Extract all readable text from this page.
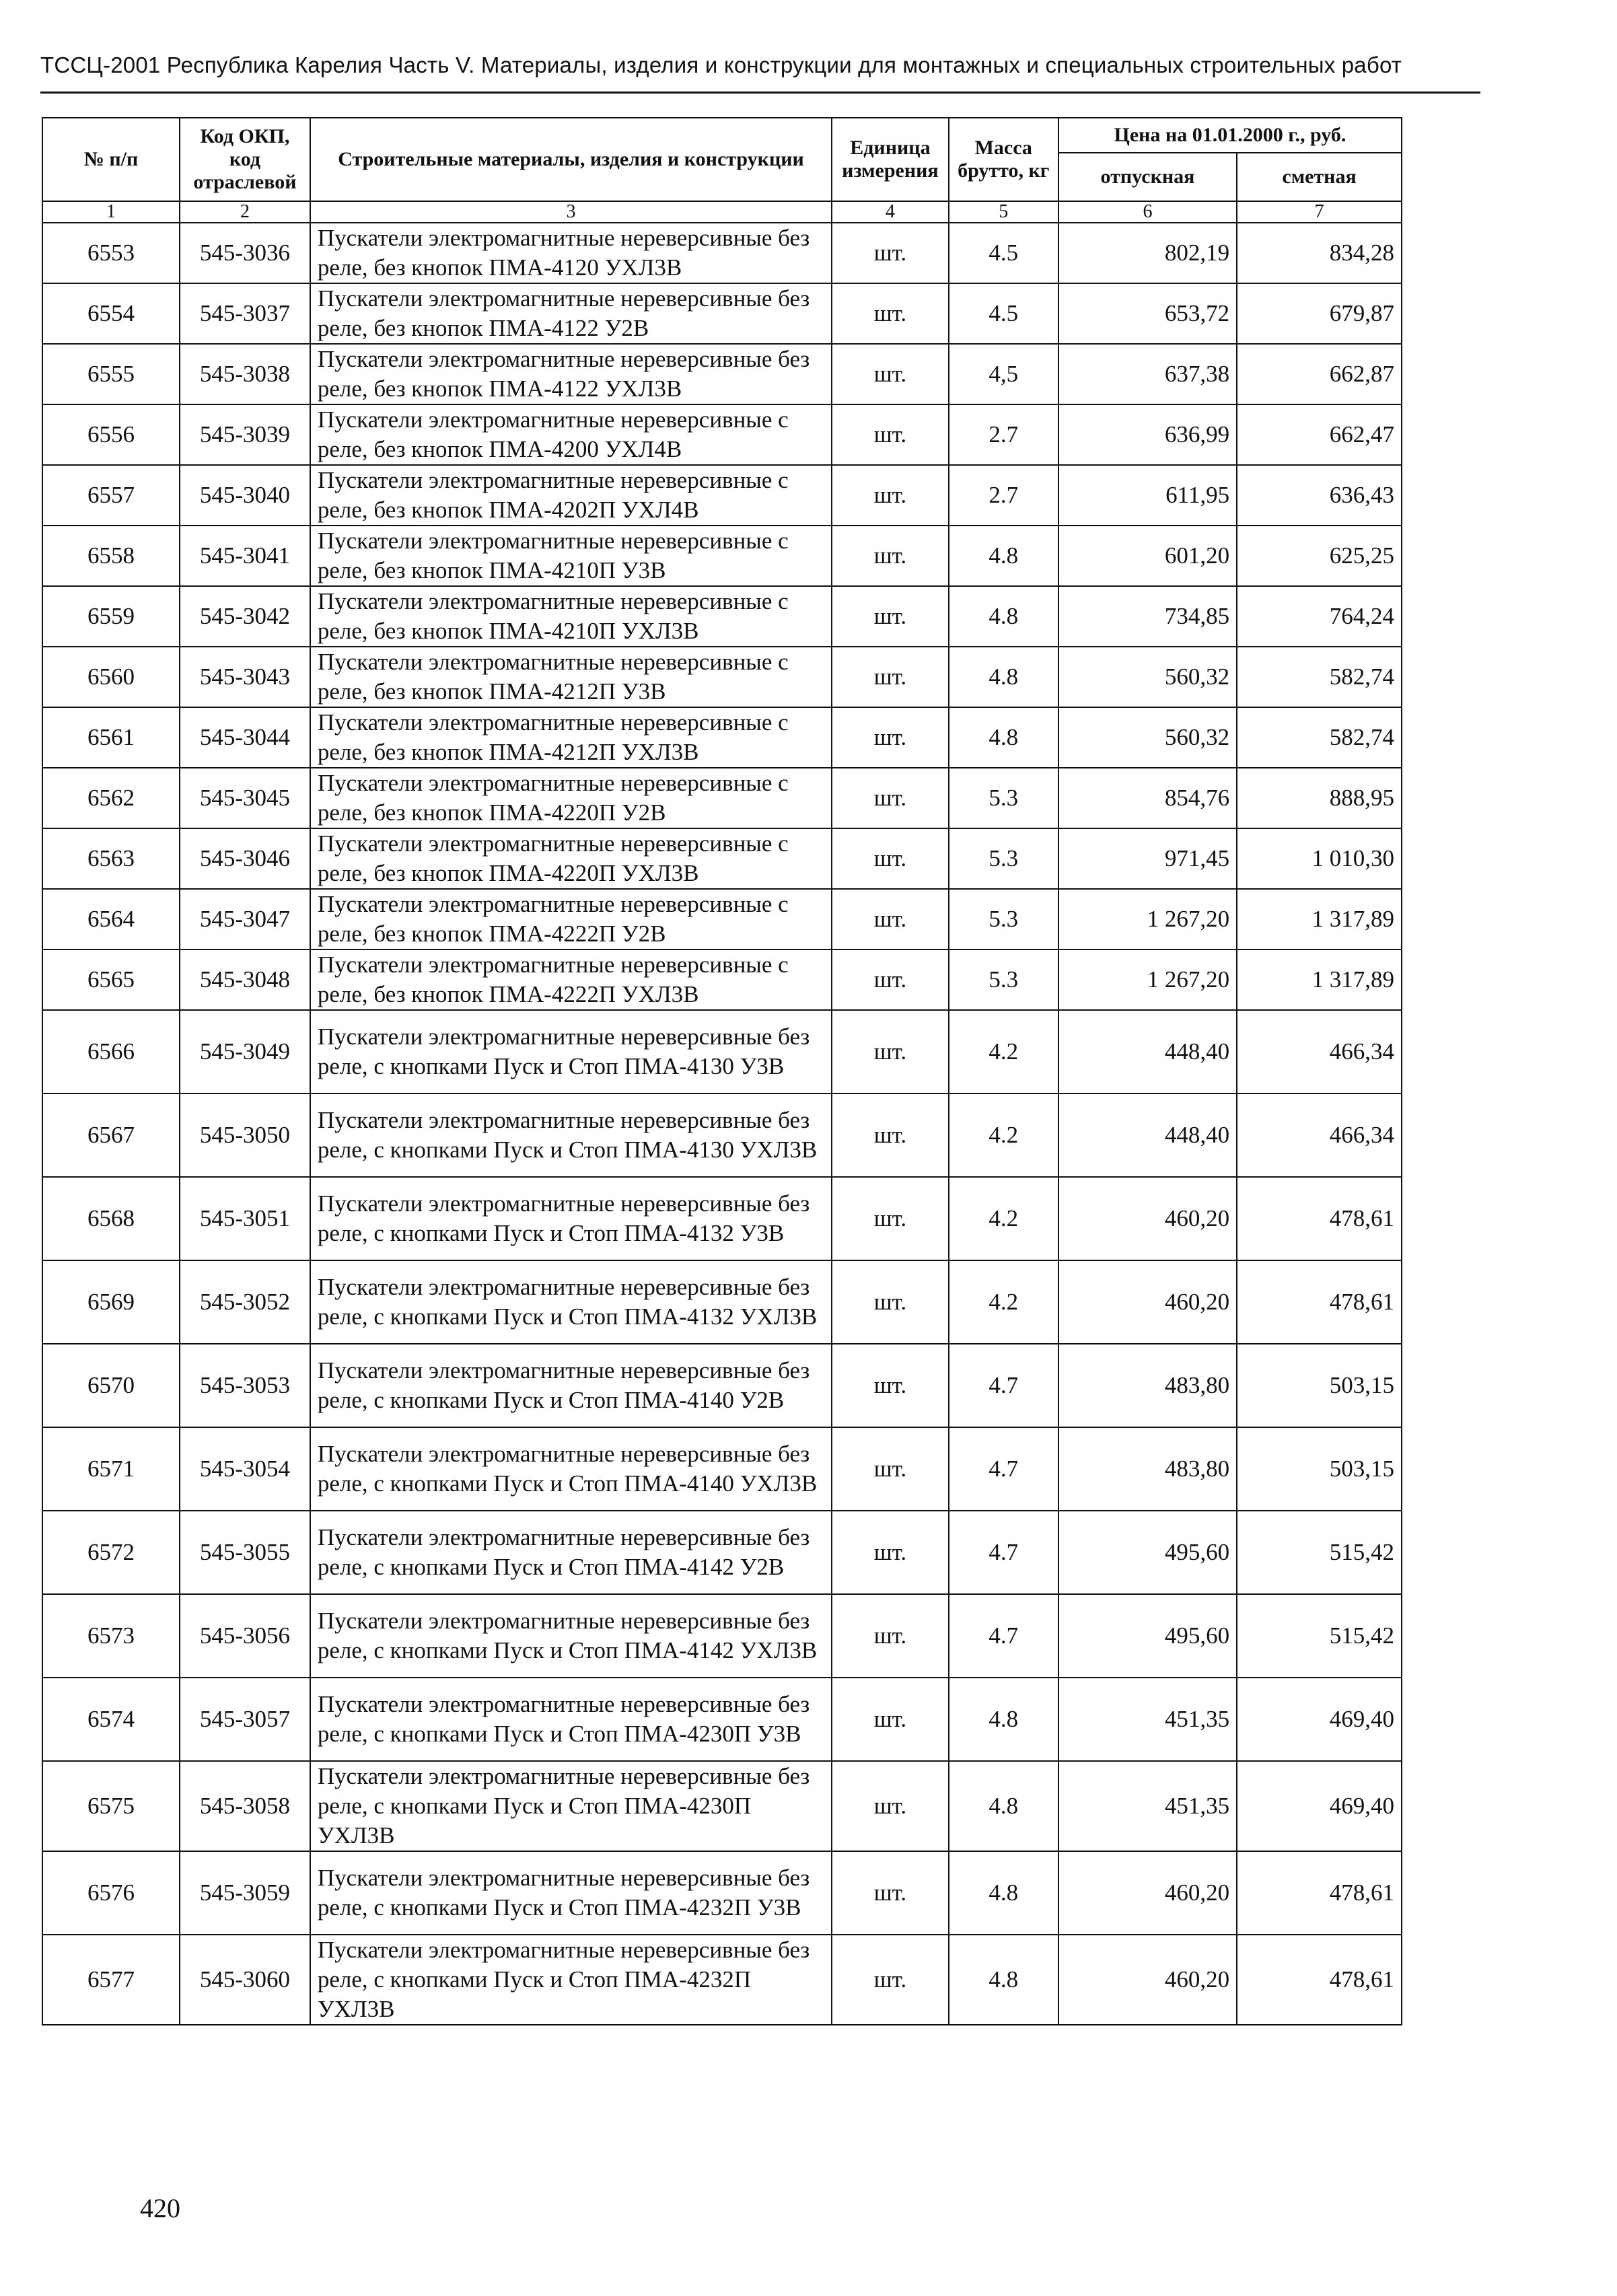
ТССЦ-2001 Республика Карелия Часть V. Материалы, изделия и конструкции для монтажных и специальных строительных работ
№ п/п	Код ОКП, код отраслевой	Строительные материалы, изделия и конструкции	Единица измерения	Масса брутто, кг	Цена на 01.01.2000 г., руб.	
					отпускная	сметная
1	2	3	4	5	6	7
6553	545-3036	Пускатели электромагнитные нереверсивные без реле, без кнопок ПМА-4120 УХЛ3В	шт.	4.5	802,19	834,28
6554	545-3037	Пускатели электромагнитные нереверсивные без реле, без кнопок ПМА-4122 У2В	шт.	4.5	653,72	679,87
6555	545-3038	Пускатели электромагнитные нереверсивные без реле, без кнопок ПМА-4122 УХЛ3В	шт.	4,5	637,38	662,87
6556	545-3039	Пускатели электромагнитные нереверсивные с реле, без кнопок ПМА-4200 УХЛ4В	шт.	2.7	636,99	662,47
6557	545-3040	Пускатели электромагнитные нереверсивные с реле, без кнопок ПМА-4202П УХЛ4В	шт.	2.7	611,95	636,43
6558	545-3041	Пускатели электромагнитные нереверсивные с реле, без кнопок ПМА-4210П У3В	шт.	4.8	601,20	625,25
6559	545-3042	Пускатели электромагнитные нереверсивные с реле, без кнопок ПМА-4210П УХЛ3В	шт.	4.8	734,85	764,24
6560	545-3043	Пускатели электромагнитные нереверсивные с реле, без кнопок ПМА-4212П У3В	шт.	4.8	560,32	582,74
6561	545-3044	Пускатели электромагнитные нереверсивные с реле, без кнопок ПМА-4212П УХЛ3В	шт.	4.8	560,32	582,74
6562	545-3045	Пускатели электромагнитные нереверсивные с реле, без кнопок ПМА-4220П У2В	шт.	5.3	854,76	888,95
6563	545-3046	Пускатели электромагнитные нереверсивные с реле, без кнопок ПМА-4220П УХЛ3В	шт.	5.3	971,45	1 010,30
6564	545-3047	Пускатели электромагнитные нереверсивные с реле, без кнопок ПМА-4222П У2В	шт.	5.3	1 267,20	1 317,89
6565	545-3048	Пускатели электромагнитные нереверсивные с реле, без кнопок ПМА-4222П УХЛ3В	шт.	5.3	1 267,20	1 317,89
6566	545-3049	Пускатели электромагнитные нереверсивные без реле, с кнопками Пуск и Стоп ПМА-4130 У3В	шт.	4.2	448,40	466,34
6567	545-3050	Пускатели электромагнитные нереверсивные без реле, с кнопками Пуск и Стоп ПМА-4130 УХЛ3В	шт.	4.2	448,40	466,34
6568	545-3051	Пускатели электромагнитные нереверсивные без реле, с кнопками Пуск и Стоп ПМА-4132 У3В	шт.	4.2	460,20	478,61
6569	545-3052	Пускатели электромагнитные нереверсивные без реле, с кнопками Пуск и Стоп ПМА-4132 УХЛ3В	шт.	4.2	460,20	478,61
6570	545-3053	Пускатели электромагнитные нереверсивные без реле, с кнопками Пуск и Стоп ПМА-4140 У2В	шт.	4.7	483,80	503,15
6571	545-3054	Пускатели электромагнитные нереверсивные без реле, с кнопками Пуск и Стоп ПМА-4140 УХЛ3В	шт.	4.7	483,80	503,15
6572	545-3055	Пускатели электромагнитные нереверсивные без реле, с кнопками Пуск и Стоп ПМА-4142 У2В	шт.	4.7	495,60	515,42
6573	545-3056	Пускатели электромагнитные нереверсивные без реле, с кнопками Пуск и Стоп ПМА-4142 УХЛ3В	шт.	4.7	495,60	515,42
6574	545-3057	Пускатели электромагнитные нереверсивные без реле, с кнопками Пуск и Стоп ПМА-4230П У3В	шт.	4.8	451,35	469,40
6575	545-3058	Пускатели электромагнитные нереверсивные без реле, с кнопками Пуск и Стоп ПМА-4230П УХЛ3В	шт.	4.8	451,35	469,40
6576	545-3059	Пускатели электромагнитные нереверсивные без реле, с кнопками Пуск и Стоп ПМА-4232П У3В	шт.	4.8	460,20	478,61
6577	545-3060	Пускатели электромагнитные нереверсивные без реле, с кнопками Пуск и Стоп ПМА-4232П УХЛ3В	шт.	4.8	460,20	478,61
420
